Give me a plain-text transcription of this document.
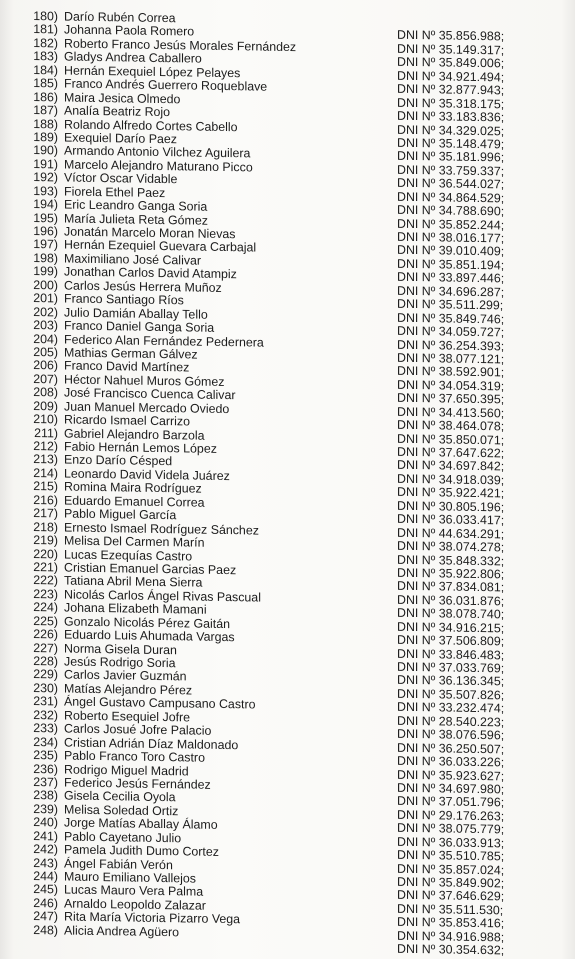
180) Darío Rubén Correa
181) Johanna Paola Romero	DNI Nº 35.856.988;
182) Roberto Franco Jesús Morales Fernández	DNI Nº 35.149.317;
183) Gladys Andrea Caballero	DNI Nº 35.849.006;
184) Hernán Exequiel López Pelayes	DNI Nº 34.921.494;
185) Franco Andrés Guerrero Roqueblave	DNI Nº 32.877.943;
186) Maira Jesica Olmedo	DNI Nº 35.318.175;
187) Analía Beatriz Rojo	DNI Nº 33.183.836;
188) Rolando Alfredo Cortes Cabello	DNI Nº 34.329.025;
189) Exequiel Darío Paez	DNI Nº 35.148.479;
190) Armando Antonio Vilchez Aguilera	DNI Nº 35.181.996;
191) Marcelo Alejandro Maturano Picco	DNI Nº 33.759.337;
192) Víctor Oscar Vidable	DNI Nº 36.544.027;
193) Fiorela Ethel Paez	DNI Nº 34.864.529;
194) Eric Leandro Ganga Soria	DNI Nº 34.788.690;
195) María Julieta Reta Gómez	DNI Nº 35.852.244;
196) Jonatán Marcelo Moran Nievas	DNI Nº 38.016.177;
197) Hernán Ezequiel Guevara Carbajal	DNI Nº 39.010.409;
198) Maximiliano José Calivar	DNI Nº 35.851.194;
199) Jonathan Carlos David Atampiz	DNI Nº 33.897.446;
200) Carlos Jesús Herrera Muñoz	DNI Nº 34.696.287;
201) Franco Santiago Ríos	DNI Nº 35.511.299;
202) Julio Damián Aballay Tello	DNI Nº 35.849.746;
203) Franco Daniel Ganga Soria	DNI Nº 34.059.727;
204) Federico Alan Fernández Pedernera	DNI Nº 36.254.393;
205) Mathias German Gálvez	DNI Nº 38.077.121;
206) Franco David Martínez	DNI Nº 38.592.901;
207) Héctor Nahuel Muros Gómez	DNI Nº 34.054.319;
208) José Francisco Cuenca Calivar	DNI Nº 37.650.395;
209) Juan Manuel Mercado Oviedo	DNI Nº 34.413.560;
210) Ricardo Ismael Carrizo	DNI Nº 38.464.078;
211) Gabriel Alejandro Barzola	DNI Nº 35.850.071;
212) Fabio Hernán Lemos López	DNI Nº 37.647.622;
213) Enzo Darío Césped	DNI Nº 34.697.842;
214) Leonardo David Videla Juárez	DNI Nº 34.918.039;
215) Romina Maira Rodríguez	DNI Nº 35.922.421;
216) Eduardo Emanuel Correa	DNI Nº 30.805.196;
217) Pablo Miguel García	DNI Nº 36.033.417;
218) Ernesto Ismael Rodríguez Sánchez	DNI Nº 44.634.291;
219) Melisa Del Carmen Marín	DNI Nº 38.074.278;
220) Lucas Ezequías Castro	DNI Nº 35.848.332;
221) Cristian Emanuel Garcias Paez	DNI Nº 35.922.806;
222) Tatiana Abril Mena Sierra	DNI Nº 37.834.081;
223) Nicolás Carlos Ángel Rivas Pascual	DNI Nº 36.031.876;
224) Johana Elizabeth Mamani	DNI Nº 38.078.740;
225) Gonzalo Nicolás Pérez Gaitán	DNI Nº 34.916.215;
226) Eduardo Luis Ahumada Vargas	DNI Nº 37.506.809;
227) Norma Gisela Duran	DNI Nº 33.846.483;
228) Jesús Rodrigo Soria	DNI Nº 37.033.769;
229) Carlos Javier Guzmán	DNI Nº 36.136.345;
230) Matías Alejandro Pérez	DNI Nº 35.507.826;
231) Ángel Gustavo Campusano Castro	DNI Nº 33.232.474;
232) Roberto Esequiel Jofre	DNI Nº 28.540.223;
233) Carlos Josué Jofre Palacio	DNI Nº 38.076.596;
234) Cristian Adrián Díaz Maldonado	DNI Nº 36.250.507;
235) Pablo Franco Toro Castro	DNI Nº 36.033.226;
236) Rodrigo Miguel Madrid	DNI Nº 35.923.627;
237) Federico Jesús Fernández	DNI Nº 34.697.980;
238) Gisela Cecilia Oyola	DNI Nº 37.051.796;
239) Melisa Soledad Ortiz	DNI Nº 29.176.263;
240) Jorge Matías Aballay Álamo	DNI Nº 38.075.779;
241) Pablo Cayetano Julio	DNI Nº 36.033.913;
242) Pamela Judith Dumo Cortez	DNI Nº 35.510.785;
243) Ángel Fabián Verón	DNI Nº 35.857.024;
244) Mauro Emiliano Vallejos	DNI Nº 35.849.902;
245) Lucas Mauro Vera Palma	DNI Nº 37.646.629;
246) Arnaldo Leopoldo Zalazar	DNI Nº 35.511.530;
247) Rita María Victoria Pizarro Vega	DNI Nº 35.853.416;
248) Alicia Andrea Agüero	DNI Nº 34.916.988;
DNI Nº 30.354.632;
